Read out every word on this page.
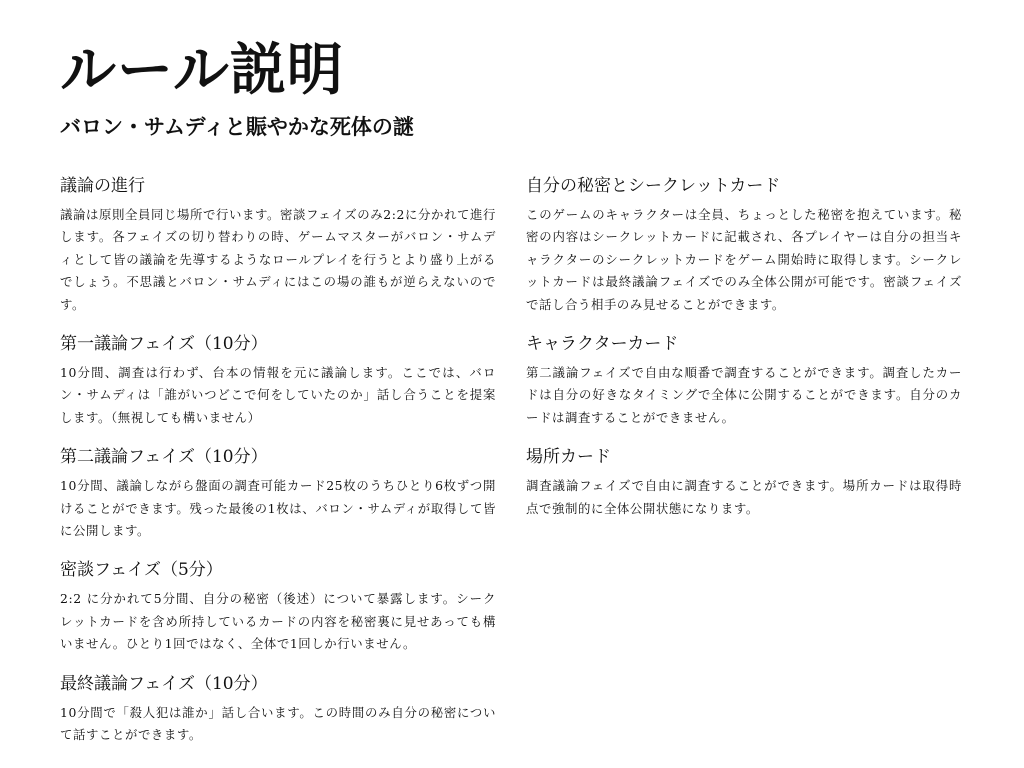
ルール説明
バロン・サムディと賑やかな死体の謎
議論の進行

議論は原則全員同じ場所で行います。密談フェイズのみ2:2に分かれて進行します。各フェイズの切り替わりの時、ゲームマスターがバロン・サムディとして皆の議論を先導するようなロールプレイを行うとより盛り上がるでしょう。不思議とバロン・サムディにはこの場の誰もが逆らえないのです。

第一議論フェイズ（10分）

10分間、調査は行わず、台本の情報を元に議論します。ここでは、バロン・サムディは「誰がいつどこで何をしていたのか」話し合うことを提案します。（無視しても構いません）

第二議論フェイズ（10分）

10分間、議論しながら盤面の調査可能カード25枚のうちひとり6枚ずつ開けることができます。残った最後の1枚は、バロン・サムディが取得して皆に公開します。

密談フェイズ（5分）

2:2 に分かれて5分間、自分の秘密（後述）について暴露します。シークレットカードを含め所持しているカードの内容を秘密裏に見せあっても構いません。ひとり1回ではなく、全体で1回しか行いません。

最終議論フェイズ（10分）

10分間で「殺人犯は誰か」話し合います。この時間のみ自分の秘密について話すことができます。

自分の秘密とシークレットカード

このゲームのキャラクターは全員、ちょっとした秘密を抱えています。秘密の内容はシークレットカードに記載され、各プレイヤーは自分の担当キャラクターのシークレットカードをゲーム開始時に取得します。シークレットカードは最終議論フェイズでのみ全体公開が可能です。密談フェイズで話し合う相手のみ見せることができます。

キャラクターカード

第二議論フェイズで自由な順番で調査することができます。調査したカードは自分の好きなタイミングで全体に公開することができます。自分のカードは調査することができません。

場所カード

調査議論フェイズで自由に調査することができます。場所カードは取得時点で強制的に全体公開状態になります。
